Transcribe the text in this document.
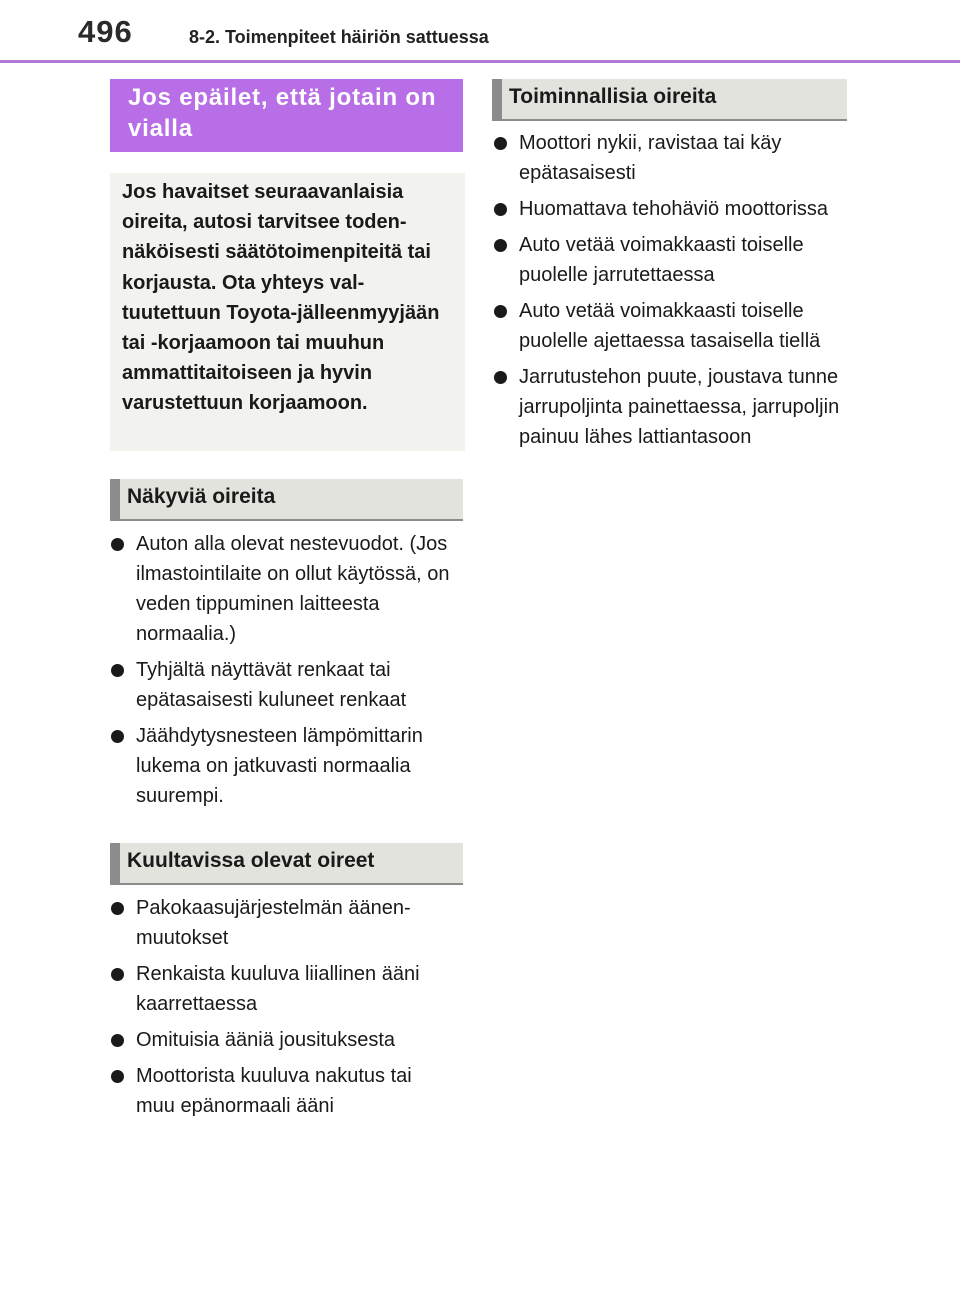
496	8-2. Toimenpiteet häiriön sattuessa
Jos epäilet, että jotain on vialla
Jos havaitset seuraavanlaisia oireita, autosi tarvitsee todennäköisesti säätötoimenpiteitä tai korjausta. Ota yhteys valtuutettuun Toyota-jälleenmyyjään tai -korjaamoon tai muuhun ammattitaitoiseen ja hyvin varustettuun korjaamoon.
Näkyviä oireita
Auton alla olevat nestevuodot. (Jos ilmastointilaite on ollut käytössä, on veden tippuminen laitteesta normaalia.)
Tyhjältä näyttävät renkaat tai epätasaisesti kuluneet renkaat
Jäähdytysnesteen lämpömittarin lukema on jatkuvasti normaalia suurempi.
Kuultavissa olevat oireet
Pakokaasujärjestelmän äänenmuutokset
Renkaista kuuluva liiallinen ääni kaarrettaessa
Omituisia ääniä jousituksesta
Moottorista kuuluva nakutus tai muu epänormaali ääni
Toiminnallisia oireita
Moottori nykii, ravistaa tai käy epätasaisesti
Huomattava tehohäviö moottorissa
Auto vetää voimakkaasti toiselle puolelle jarrutettaessa
Auto vetää voimakkaasti toiselle puolelle ajettaessa tasaisella tiellä
Jarrutustehon puute, joustava tunne jarrupoljinta painettaessa, jarrupoljin painuu lähes lattiantasoon
